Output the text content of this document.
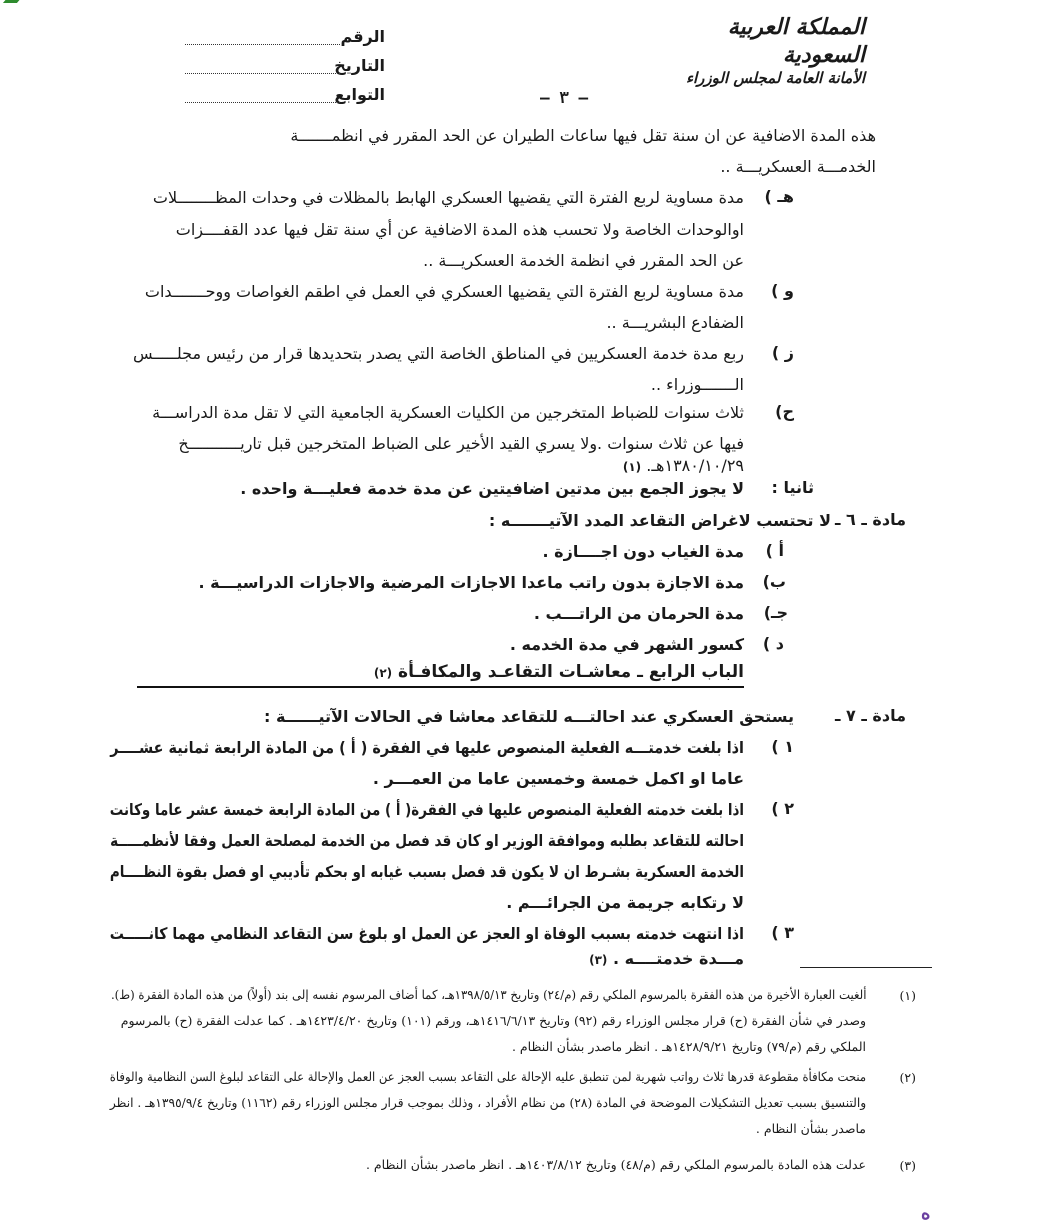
المملكة العربية السعودية
الأمانة العامة لمجلس الوزراء
الرقم
التاريخ
التوابع	— ٣ —
هذه المدة الاضافية عن ان سنة تقل فيها ساعات الطيران عن الحد المقرر في انظمـــــــة
الخدمـــة العسكريـــة ..
هـ )
مدة مساوية لربع الفترة التي يقضيها العسكري الهابط بالمظلات في وحدات المظــــــــلات
اوالوحدات الخاصة ولا تحسب هذه المدة الاضافية عن أي سنة تقل فيها عدد القفــــزات
عن الحد المقرر في انظمة الخدمة العسكريـــة ..
و )
مدة مساوية لربع الفترة التي يقضيها العسكري في العمل في اطقم الغواصات ووحـــــــدات
الضفادع البشريـــة ..
ز )
ربع مدة خدمة العسكريين في المناطق الخاصة التي يصدر بتحديدها قرار من رئيس مجلـــــس
الـــــــوزراء ..
ح)
ثلاث سنوات للضباط المتخرجين من الكليات العسكرية الجامعية التي لا تقل مدة الدراســـة
فيها عن ثلاث سنوات .ولا يسري القيد الأخير على الضباط المتخرجين قبل تاريـــــــــــخ
١٣٨٠/١٠/٢٩هـ. (١)
ثانيا :
لا يجوز الجمع بين مدتين اضافيتين عن مدة خدمة فعليـــة واحده .
مادة ـ ٦ ـ
لا تحتسب لاغراض التقاعد المدد الآتيـــــــه :
أ )
مدة الغياب دون اجــــازة .
ب)
مدة الاجازة بدون راتب ماعدا الاجازات المرضية والاجازات الدراسيـــة .
جـ)
مدة الحرمان من الراتـــب .
د )
كسور الشهر في مدة الخدمه .
الباب الرابع ـ معاشـات التقاعـد والمكافـأة (٢)
مادة ـ ٧ ـ
يستحق العسكري عند احالتـــه للتقاعد معاشا في الحالات الآتيــــــة :
١ )
اذا بلغت خدمتـــه الفعلية المنصوص عليها في الفقرة ( أ ) من المادة الرابعة ثمانية عشــــر
عاما او اكمل خمسة وخمسين عاما من العمـــر .
٢ )
اذا بلغت خدمته الفعلية المنصوص عليها في الفقرة( أ ) من المادة الرابعة خمسة عشر عاما وكانت
احالته للتقاعد بطلبه وموافقة الوزير او كان قد فصل من الخدمة لمصلحة العمل وفقا لأنظمـــــة
الخدمة العسكرية بشـرط ان لا يكون قد فصل بسبب غيابه او بحكم تأديبي او فصل بقوة النظــــام
لا رتكابه جريمة من الجرائـــم .
٣ )
اذا انتهت خدمته بسبب الوفاة او العجز عن العمل او بلوغ سن التقاعد النظامي مهما كانـــــت
مـــدة خدمتــــه . (٣)
(١)
ألغيت العبارة الأخيرة من هذه الفقرة بالمرسوم الملكي رقم (م/٢٤) وتاريخ ١٣٩٨/٥/١٣هـ، كما أضاف المرسوم نفسه إلى بند (أولاً) من هذه المادة الفقرة (ط).
وصدر في شأن الفقرة (ح) قرار مجلس الوزراء رقم (٩٢) وتاريخ ١٤١٦/٦/١٣هـ، ورقم (١٠١) وتاريخ ١٤٢٣/٤/٢٠هـ . كما عدلت الفقرة (ح) بالمرسوم
الملكي رقم (م/٧٩) وتاريخ ١٤٢٨/٩/٢١هـ . انظر ماصدر بشأن النظام .
(٢)
منحت مكافأة مقطوعة قدرها ثلاث رواتب شهرية لمن تنطبق عليه الإحالة على التقاعد بسبب العجز عن العمل والإحالة على التقاعد لبلوغ السن النظامية والوفاة
والتنسيق بسبب تعديل التشكيلات الموضحة في المادة (٢٨) من نظام الأفراد ، وذلك بموجب قرار مجلس الوزراء رقم (١١٦٢) وتاريخ ١٣٩٥/٩/٤هـ . انظر
ماصدر بشأن النظام .
(٣)
عدلت هذه المادة بالمرسوم الملكي رقم (م/٤٨) وتاريخ ١٤٠٣/٨/١٢هـ . انظر ماصدر بشأن النظام .
ه
